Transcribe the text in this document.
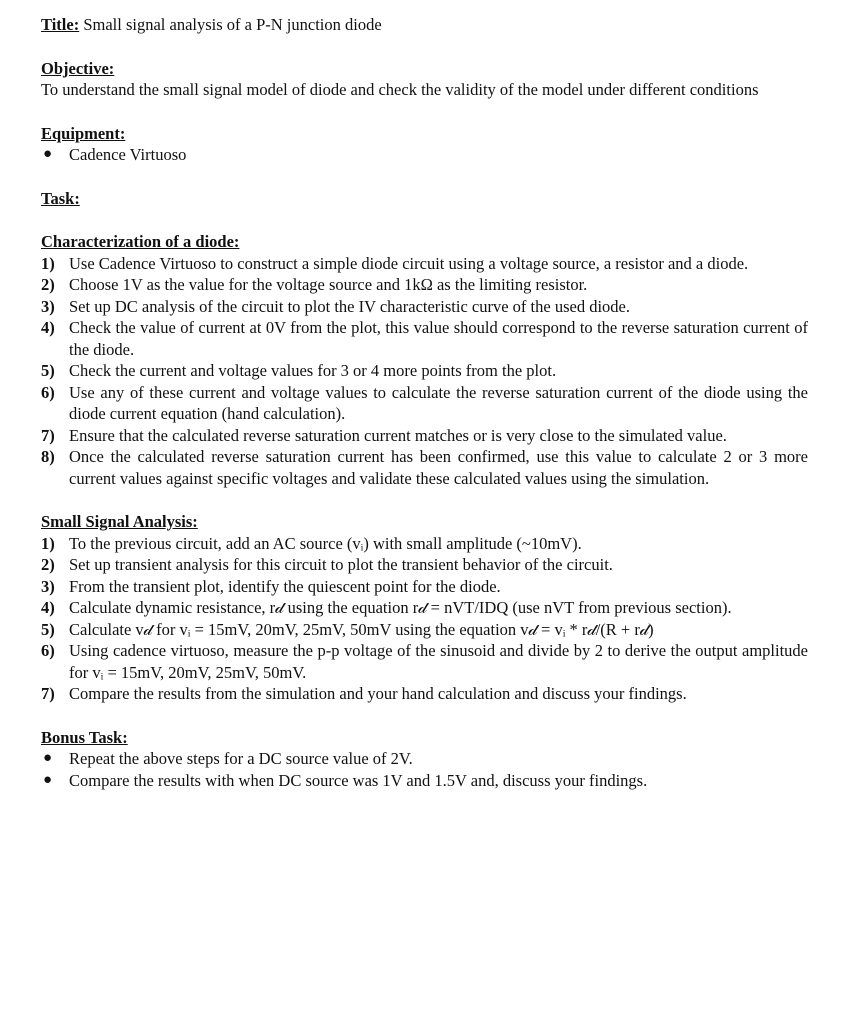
Title: Small signal analysis of a P-N junction diode

Objective:

To understand the small signal model of diode and check the validity of the model under different conditions

Equipment:

● Cadence Virtuoso

Task:

Characterization of a diode:

1) Use Cadence Virtuoso to construct a simple diode circuit using a voltage source, a resistor and a diode.
2) Choose 1V as the value for the voltage source and 1kΩ as the limiting resistor.
3) Set up DC analysis of the circuit to plot the IV characteristic curve of the used diode.
4) Check the value of current at 0V from the plot, this value should correspond to the reverse saturation current of the diode.
5) Check the current and voltage values for 3 or 4 more points from the plot.
6) Use any of these current and voltage values to calculate the reverse saturation current of the diode using the diode current equation (hand calculation).
7) Ensure that the calculated reverse saturation current matches or is very close to the simulated value.
8) Once the calculated reverse saturation current has been confirmed, use this value to calculate 2 or 3 more current values against specific voltages and validate these calculated values using the simulation.

Small Signal Analysis:

1) To the previous circuit, add an AC source (vᵢ) with small amplitude (~10mV).
2) Set up transient analysis for this circuit to plot the transient behavior of the circuit.
3) From the transient plot, identify the quiescent point for the diode.
4) Calculate dynamic resistance, r𝒹 using the equation r𝒹 = nVT/IDQ (use nVT from previous section).
5) Calculate v𝒹 for vᵢ = 15mV, 20mV, 25mV, 50mV using the equation v𝒹 = vᵢ * r𝒹/(R + r𝒹)
6) Using cadence virtuoso, measure the p-p voltage of the sinusoid and divide by 2 to derive the output amplitude for vᵢ = 15mV, 20mV, 25mV, 50mV.
7) Compare the results from the simulation and your hand calculation and discuss your findings.

Bonus Task:

● Repeat the above steps for a DC source value of 2V.
● Compare the results with when DC source was 1V and 1.5V and, discuss your findings.
